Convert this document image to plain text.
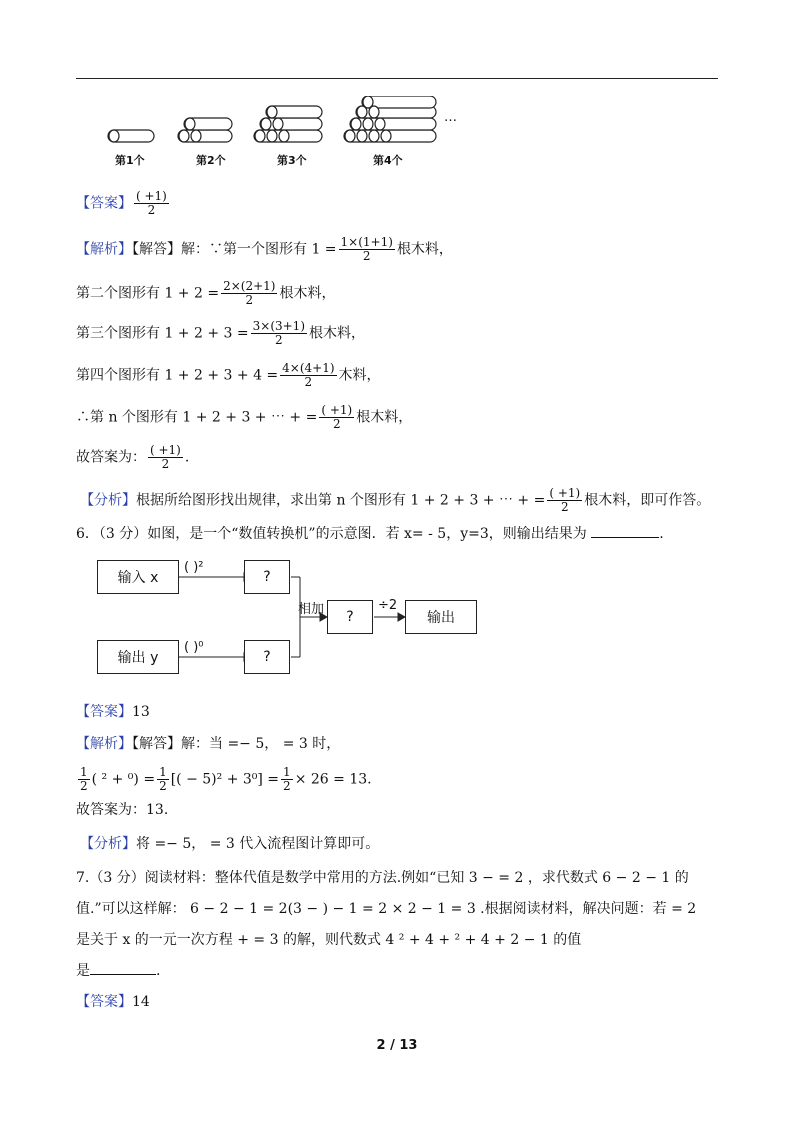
第1个	第2个	第3个	第4个
…
【答案】 $\frac{( +1)}{2}$
【解析】【解答】解：∵第一个图形有 $1 = \frac{1\times(1+1)}{2}$ 根木料，
第二个图形有 $1 + 2 = \frac{2\times(2+1)}{2}$ 根木料，
第三个图形有 $1 + 2 + 3 = \frac{3\times(3+1)}{2}$ 根木料，
第四个图形有 $1 + 2 + 3 + 4 = \frac{4\times(4+1)}{2}$ 木料，
∴第 n 个图形有 1 + 2 + 3 + ⋯ + = $\frac{( +1)}{2}$ 根木料，
故答案为： $\frac{( +1)}{2}$ .
【分析】根据所给图形找出规律，求出第 n 个图形有 1 + 2 + 3 + ⋯ + = $\frac{( +1)}{2}$ 根木料，即可作答。
6．（3 分）如图，是一个“数值转换机”的示意图．若 x= - 5，y=3，则输出结果为	.
输入 x
输出 y
( )²
( )⁰
?
?
相加	?
÷2
输出
【答案】13
【解析】【解答】解：当 =− 5， = 3 时，
$\frac{1}{2}$ ( $^2 + ^0) = \frac{1}{2}$ [( − $5)^2 + 3^0] = \frac{1}{2} \times 26 = 13$.
故答案为：13.
【分析】将 =− 5， = 3 代入流程图计算即可。
7.（3 分）阅读材料：整体代值是数学中常用的方法.例如“已知 3 − = 2 ，求代数式 6 − 2 − 1 的
值.”可以这样解： 6 − 2 − 1 = 2(3 − ) − 1 = 2 × 2 − 1 = 3 .根据阅读材料，解决问题：若 = 2
是关于 x 的一元一次方程 + = 3 的解，则代数式 4 ² + 4 + ² + 4 + 2 − 1 的值
是	.
【答案】14
2 / 13
